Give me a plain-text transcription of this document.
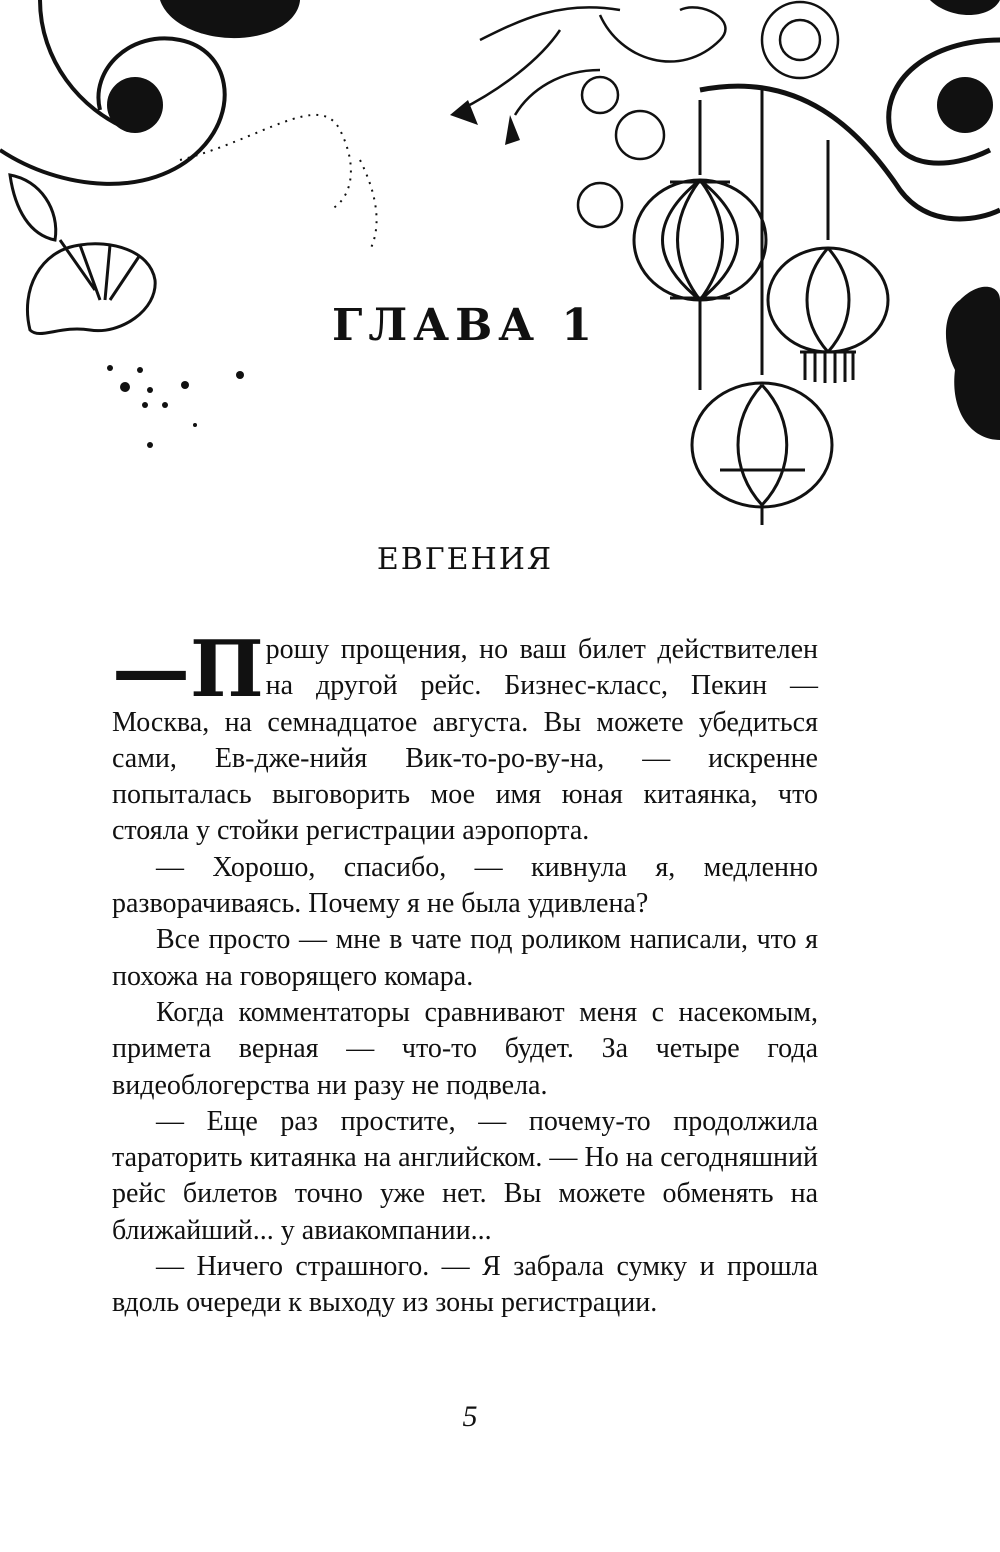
ГЛАВА 1
ЕВГЕНИЯ

—П рошу прощения, но ваш билет действителен на другой рейс. Бизнес-класс, Пекин — Москва, на семнадцатое августа. Вы можете убедиться сами, Ев-дже-нийя Вик-то-ро-ву-на, — искренне попыталась выговорить мое имя юная китаянка, что стояла у стойки регистрации аэропорта.

— Хорошо, спасибо, — кивнула я, медленно разворачиваясь. Почему я не была удивлена?

Все просто — мне в чате под роликом написали, что я похожа на говорящего комара.

Когда комментаторы сравнивают меня с насекомым, примета верная — что-то будет. За четыре года видеоблогерства ни разу не подвела.

— Еще раз простите, — почему-то продолжила тараторить китаянка на английском. — Но на сегодняшний рейс билетов точно уже нет. Вы можете обменять на ближайший... у авиакомпании...

— Ничего страшного. — Я забрала сумку и прошла вдоль очереди к выходу из зоны регистрации.

5
